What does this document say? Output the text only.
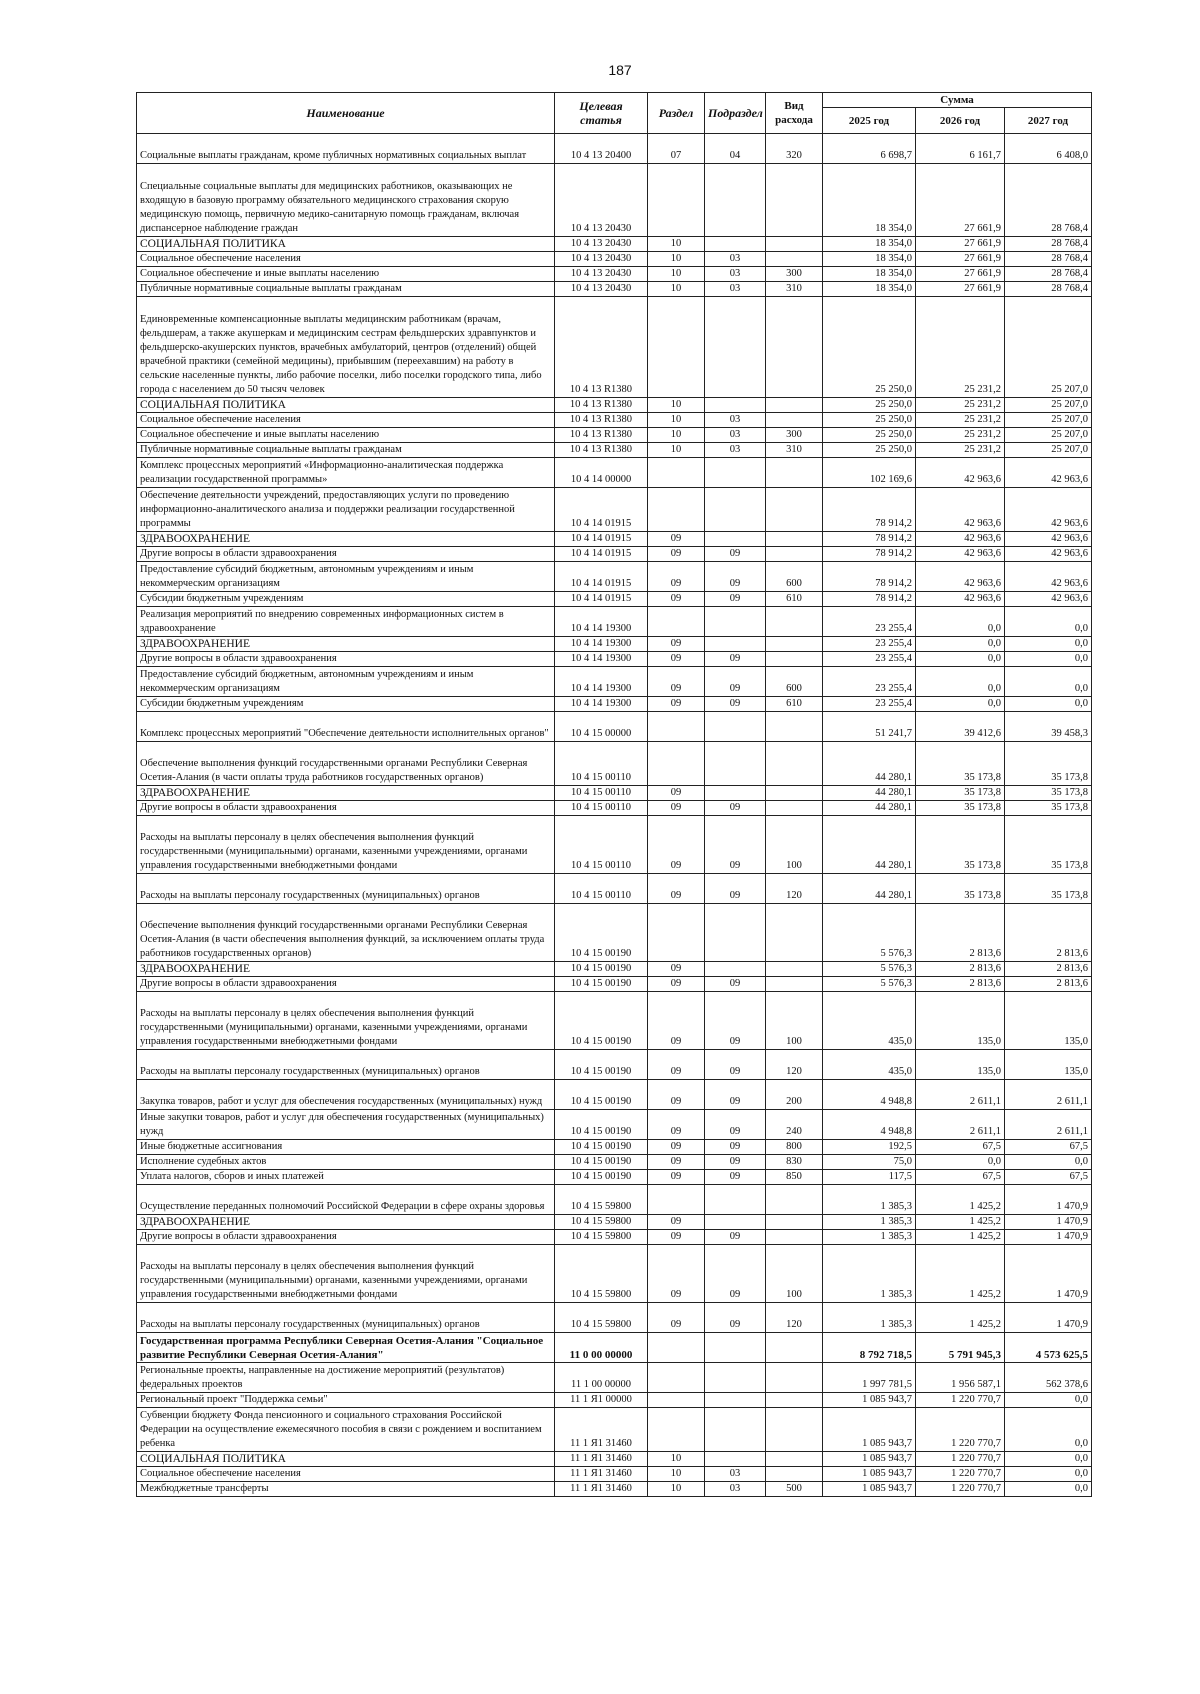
187
Наименование	Целевая статья	Раздел	Подраздел	Вид расхода	Сумма		
					2025 год	2026 год	2027 год
Социальные выплаты гражданам, кроме публичных нормативных социальных выплат	10 4 13 20400	07	04	320	6 698,7	6 161,7	6 408,0
Специальные социальные выплаты для медицинских работников, оказывающих не входящую в базовую программу обязательного медицинского страхования скорую медицинскую помощь, первичную медико-санитарную помощь гражданам, включая диспансерное наблюдение граждан	10 4 13 20430				18 354,0	27 661,9	28 768,4
СОЦИАЛЬНАЯ ПОЛИТИКА	10 4 13 20430	10			18 354,0	27 661,9	28 768,4
Социальное обеспечение населения	10 4 13 20430	10	03		18 354,0	27 661,9	28 768,4
Социальное обеспечение и иные выплаты населению	10 4 13 20430	10	03	300	18 354,0	27 661,9	28 768,4
Публичные нормативные социальные выплаты гражданам	10 4 13 20430	10	03	310	18 354,0	27 661,9	28 768,4
Единовременные компенсационные выплаты медицинским работникам (врачам, фельдшерам, а также акушеркам и медицинским сестрам фельдшерских здравпунктов и фельдшерско-акушерских пунктов, врачебных амбулаторий, центров (отделений) общей врачебной практики (семейной медицины), прибывшим (переехавшим) на работу в сельские населенные пункты, либо рабочие поселки, либо поселки городского типа, либо города с населением до 50 тысяч человек	10 4 13 R1380				25 250,0	25 231,2	25 207,0
СОЦИАЛЬНАЯ ПОЛИТИКА	10 4 13 R1380	10			25 250,0	25 231,2	25 207,0
Социальное обеспечение населения	10 4 13 R1380	10	03		25 250,0	25 231,2	25 207,0
Социальное обеспечение и иные выплаты населению	10 4 13 R1380	10	03	300	25 250,0	25 231,2	25 207,0
Публичные нормативные социальные выплаты гражданам	10 4 13 R1380	10	03	310	25 250,0	25 231,2	25 207,0
Комплекс процессных мероприятий «Информационно-аналитическая поддержка реализации государственной программы»	10 4 14 00000				102 169,6	42 963,6	42 963,6
Обеспечение деятельности учреждений, предоставляющих услуги по проведению информационно-аналитического анализа и поддержки реализации государственной программы	10 4 14 01915				78 914,2	42 963,6	42 963,6
ЗДРАВООХРАНЕНИЕ	10 4 14 01915	09			78 914,2	42 963,6	42 963,6
Другие вопросы в области здравоохранения	10 4 14 01915	09	09		78 914,2	42 963,6	42 963,6
Предоставление субсидий бюджетным, автономным учреждениям и иным некоммерческим организациям	10 4 14 01915	09	09	600	78 914,2	42 963,6	42 963,6
Субсидии бюджетным учреждениям	10 4 14 01915	09	09	610	78 914,2	42 963,6	42 963,6
Реализация мероприятий по внедрению современных информационных систем в здравоохранение	10 4 14 19300				23 255,4	0,0	0,0
ЗДРАВООХРАНЕНИЕ	10 4 14 19300	09			23 255,4	0,0	0,0
Другие вопросы в области здравоохранения	10 4 14 19300	09	09		23 255,4	0,0	0,0
Предоставление субсидий бюджетным, автономным учреждениям и иным некоммерческим организациям	10 4 14 19300	09	09	600	23 255,4	0,0	0,0
Субсидии бюджетным учреждениям	10 4 14 19300	09	09	610	23 255,4	0,0	0,0
Комплекс процессных мероприятий "Обеспечение деятельности исполнительных органов"	10 4 15 00000				51 241,7	39 412,6	39 458,3
Обеспечение выполнения функций государственными органами Республики Северная Осетия-Алания (в части оплаты труда работников государственных органов)	10 4 15 00110				44 280,1	35 173,8	35 173,8
ЗДРАВООХРАНЕНИЕ	10 4 15 00110	09			44 280,1	35 173,8	35 173,8
Другие вопросы в области здравоохранения	10 4 15 00110	09	09		44 280,1	35 173,8	35 173,8
Расходы на выплаты персоналу в целях обеспечения выполнения функций государственными (муниципальными) органами, казенными учреждениями, органами управления государственными внебюджетными фондами	10 4 15 00110	09	09	100	44 280,1	35 173,8	35 173,8
Расходы на выплаты персоналу государственных (муниципальных) органов	10 4 15 00110	09	09	120	44 280,1	35 173,8	35 173,8
Обеспечение выполнения функций государственными органами Республики Северная Осетия-Алания (в части обеспечения выполнения функций, за исключением оплаты труда работников государственных органов)	10 4 15 00190				5 576,3	2 813,6	2 813,6
ЗДРАВООХРАНЕНИЕ	10 4 15 00190	09			5 576,3	2 813,6	2 813,6
Другие вопросы в области здравоохранения	10 4 15 00190	09	09		5 576,3	2 813,6	2 813,6
Расходы на выплаты персоналу в целях обеспечения выполнения функций государственными (муниципальными) органами, казенными учреждениями, органами управления государственными внебюджетными фондами	10 4 15 00190	09	09	100	435,0	135,0	135,0
Расходы на выплаты персоналу государственных (муниципальных) органов	10 4 15 00190	09	09	120	435,0	135,0	135,0
Закупка товаров, работ и услуг для обеспечения государственных (муниципальных) нужд	10 4 15 00190	09	09	200	4 948,8	2 611,1	2 611,1
Иные закупки товаров, работ и услуг для обеспечения государственных (муниципальных) нужд	10 4 15 00190	09	09	240	4 948,8	2 611,1	2 611,1
Иные бюджетные ассигнования	10 4 15 00190	09	09	800	192,5	67,5	67,5
Исполнение судебных актов	10 4 15 00190	09	09	830	75,0	0,0	0,0
Уплата налогов, сборов и иных платежей	10 4 15 00190	09	09	850	117,5	67,5	67,5
Осуществление переданных полномочий Российской Федерации в сфере охраны здоровья	10 4 15 59800				1 385,3	1 425,2	1 470,9
ЗДРАВООХРАНЕНИЕ	10 4 15 59800	09			1 385,3	1 425,2	1 470,9
Другие вопросы в области здравоохранения	10 4 15 59800	09	09		1 385,3	1 425,2	1 470,9
Расходы на выплаты персоналу в целях обеспечения выполнения функций государственными (муниципальными) органами, казенными учреждениями, органами управления государственными внебюджетными фондами	10 4 15 59800	09	09	100	1 385,3	1 425,2	1 470,9
Расходы на выплаты персоналу государственных (муниципальных) органов	10 4 15 59800	09	09	120	1 385,3	1 425,2	1 470,9
Государственная программа Республики Северная Осетия-Алания "Социальное развитие Республики Северная Осетия-Алания"	11 0 00 00000				8 792 718,5	5 791 945,3	4 573 625,5
Региональные проекты, направленные на достижение мероприятий (результатов) федеральных проектов	11 1 00 00000				1 997 781,5	1 956 587,1	562 378,6
Региональный проект "Поддержка семьи"	11 1 Я1 00000				1 085 943,7	1 220 770,7	0,0
Субвенции бюджету Фонда пенсионного и социального страхования Российской Федерации на осуществление ежемесячного пособия в связи с рождением и воспитанием ребенка	11 1 Я1 31460				1 085 943,7	1 220 770,7	0,0
СОЦИАЛЬНАЯ ПОЛИТИКА	11 1 Я1 31460	10			1 085 943,7	1 220 770,7	0,0
Социальное обеспечение населения	11 1 Я1 31460	10	03		1 085 943,7	1 220 770,7	0,0
Межбюджетные трансферты	11 1 Я1 31460	10	03	500	1 085 943,7	1 220 770,7	0,0
